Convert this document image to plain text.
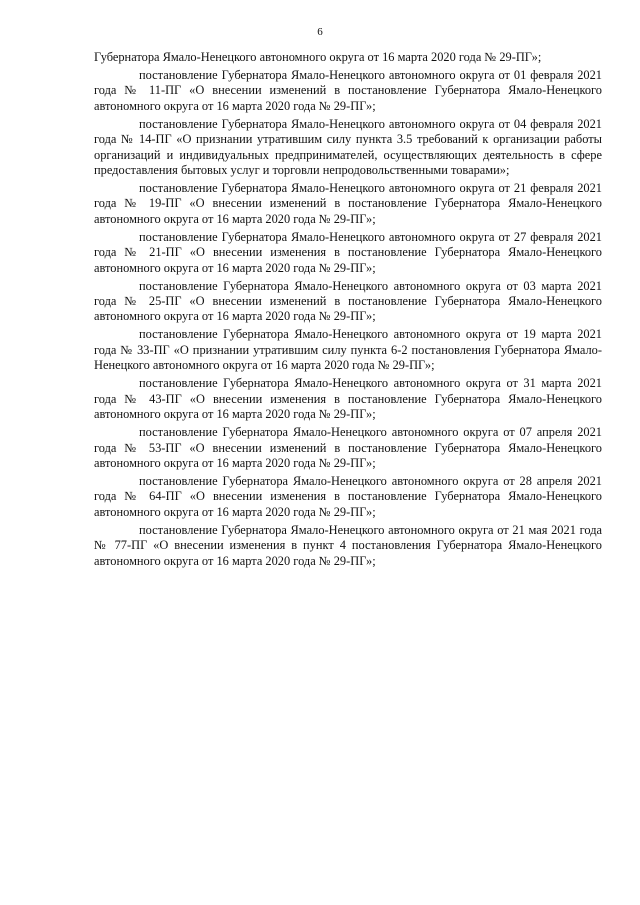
6

Губернатора Ямало-Ненецкого автономного округа от 16 марта 2020 года № 29-ПГ»;

постановление Губернатора Ямало-Ненецкого автономного округа от 01 февраля 2021 года № 11-ПГ «О внесении изменений в постановление Губернатора Ямало-Ненецкого автономного округа от 16 марта 2020 года № 29-ПГ»;

постановление Губернатора Ямало-Ненецкого автономного округа от 04 февраля 2021 года № 14-ПГ «О признании утратившим силу пункта 3.5 требований к организации работы организаций и индивидуальных предпринимателей, осуществляющих деятельность в сфере предоставления бытовых услуг и торговли непродовольственными товарами»;

постановление Губернатора Ямало-Ненецкого автономного округа от 21 февраля 2021 года № 19-ПГ «О внесении изменений в постановление Губернатора Ямало-Ненецкого автономного округа от 16 марта 2020 года № 29-ПГ»;

постановление Губернатора Ямало-Ненецкого автономного округа от 27 февраля 2021 года № 21-ПГ «О внесении изменения в постановление Губернатора Ямало-Ненецкого автономного округа от 16 марта 2020 года № 29-ПГ»;

постановление Губернатора Ямало-Ненецкого автономного округа от 03 марта 2021 года № 25-ПГ «О внесении изменений в постановление Губернатора Ямало-Ненецкого автономного округа от 16 марта 2020 года № 29-ПГ»;

постановление Губернатора Ямало-Ненецкого автономного округа от 19 марта 2021 года № 33-ПГ «О признании утратившим силу пункта 6-2 постановления Губернатора Ямало-Ненецкого автономного округа от 16 марта 2020 года № 29-ПГ»;

постановление Губернатора Ямало-Ненецкого автономного округа от 31 марта 2021 года № 43-ПГ «О внесении изменения в постановление Губернатора Ямало-Ненецкого автономного округа от 16 марта 2020 года № 29-ПГ»;

постановление Губернатора Ямало-Ненецкого автономного округа от 07 апреля 2021 года № 53-ПГ «О внесении изменений в постановление Губернатора Ямало-Ненецкого автономного округа от 16 марта 2020 года № 29-ПГ»;

постановление Губернатора Ямало-Ненецкого автономного округа от 28 апреля 2021 года № 64-ПГ «О внесении изменения в постановление Губернатора Ямало-Ненецкого автономного округа от 16 марта 2020 года № 29-ПГ»;

постановление Губернатора Ямало-Ненецкого автономного округа от 21 мая 2021 года № 77-ПГ «О внесении изменения в пункт 4 постановления Губернатора Ямало-Ненецкого автономного округа от 16 марта 2020 года № 29-ПГ»;
